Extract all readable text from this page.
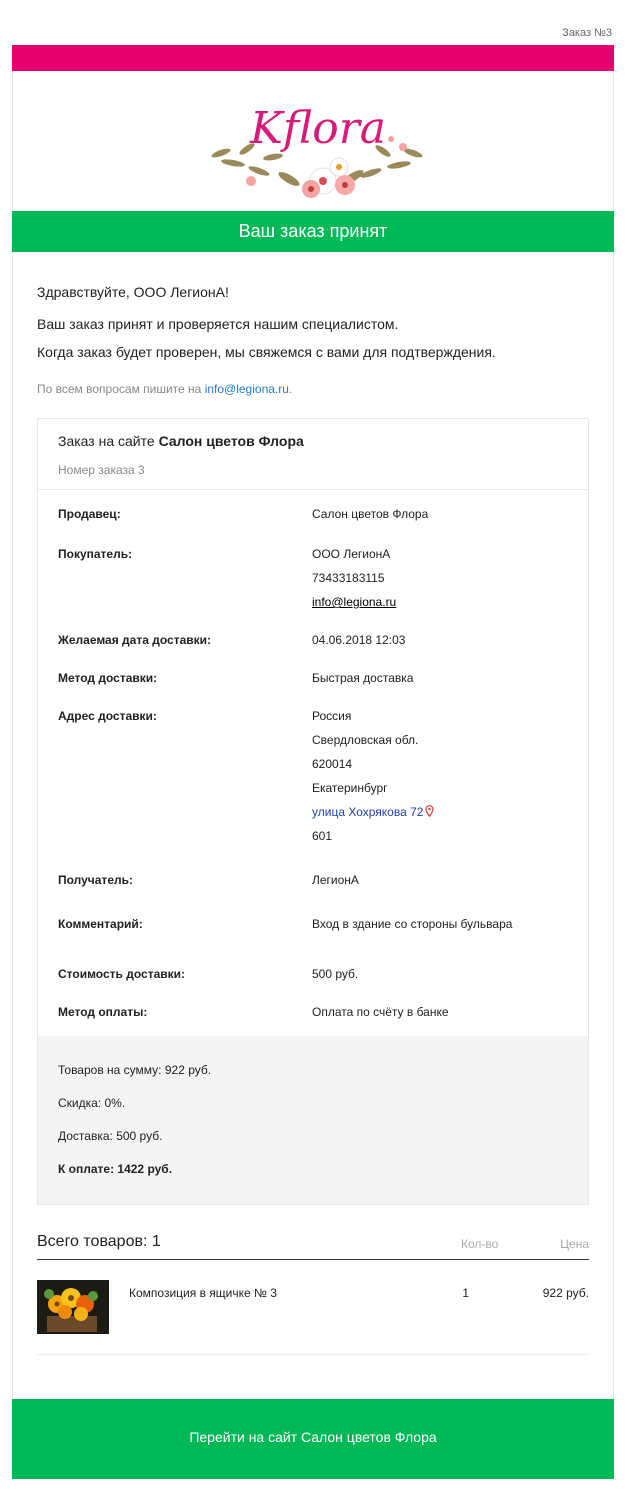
Заказ №3
Kflora
Ваш заказ принят
Здравствуйте, ООО ЛегионА!
Ваш заказ принят и проверяется нашим специалистом.
Когда заказ будет проверен, мы свяжемся с вами для подтверждения.
По всем вопросам пишите на info@legiona.ru.
Заказ на сайте Салон цветов Флора
Номер заказа 3
Продавец:	Салон цветов Флора
Покупатель:	ООО ЛегионА
73433183115
info@legiona.ru
Желаемая дата доставки:	04.06.2018 12:03
Метод доставки:	Быстрая доставка
Адрес доставки:	Россия
Свердловская обл.
620014
Екатеринбург
улица Хохрякова 72
601
Получатель:	ЛегионА
Комментарий:	Вход в здание со стороны бульвара
Стоимость доставки:	500 руб.
Метод оплаты:	Оплата по счёту в банке
Товаров на сумму: 922 руб.
Скидка: 0%.
Доставка: 500 руб.
К оплате: 1422 руб.
Всего товаров: 1	Кол-во	Цена
Композиция в ящичке № 3	1	922 руб.
Перейти на сайт Салон цветов Флора
